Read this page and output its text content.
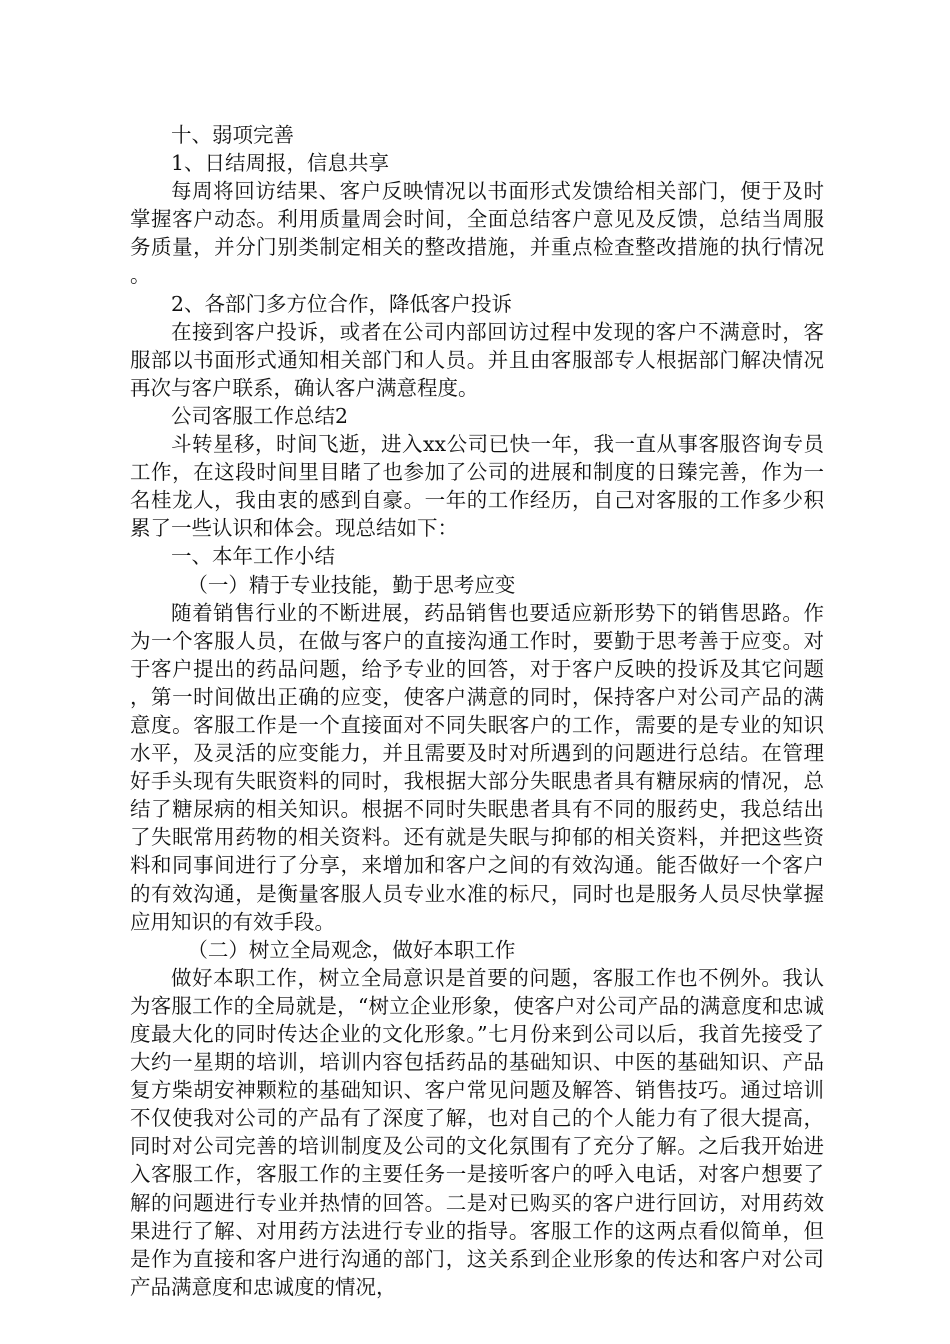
十、弱项完善
1、日结周报，信息共享

每周将回访结果、客户反映情况以书面形式发馈给相关部门，便于及时掌握客户动态。利用质量周会时间，全面总结客户意见及反馈，总结当周服务质量，并分门别类制定相关的整改措施，并重点检查整改措施的执行情况。

2、各部门多方位合作，降低客户投诉

在接到客户投诉，或者在公司内部回访过程中发现的客户不满意时，客服部以书面形式通知相关部门和人员。并且由客服部专人根据部门解决情况再次与客户联系，确认客户满意程度。

公司客服工作总结2

斗转星移，时间飞逝，进入xx公司已快一年，我一直从事客服咨询专员工作，在这段时间里目睹了也参加了公司的进展和制度的日臻完善，作为一名桂龙人，我由衷的感到自豪。一年的工作经历，自己对客服的工作多少积累了一些认识和体会。现总结如下：

一、本年工作小结
（一）精于专业技能，勤于思考应变

随着销售行业的不断进展，药品销售也要适应新形势下的销售思路。作为一个客服人员，在做与客户的直接沟通工作时，要勤于思考善于应变。对于客户提出的药品问题，给予专业的回答，对于客户反映的投诉及其它问题，第一时间做出正确的应变，使客户满意的同时，保持客户对公司产品的满意度。客服工作是一个直接面对不同失眠客户的工作，需要的是专业的知识水平，及灵活的应变能力，并且需要及时对所遇到的问题进行总结。在管理好手头现有失眠资料的同时，我根据大部分失眠患者具有糖尿病的情况，总结了糖尿病的相关知识。根据不同时失眠患者具有不同的服药史，我总结出了失眠常用药物的相关资料。还有就是失眠与抑郁的相关资料，并把这些资料和同事间进行了分享，来增加和客户之间的有效沟通。能否做好一个客户的有效沟通，是衡量客服人员专业水准的标尺，同时也是服务人员尽快掌握应用知识的有效手段。

（二）树立全局观念，做好本职工作

做好本职工作，树立全局意识是首要的问题，客服工作也不例外。我认为客服工作的全局就是，“树立企业形象，使客户对公司产品的满意度和忠诚度最大化的同时传达企业的文化形象。”七月份来到公司以后，我首先接受了大约一星期的培训，培训内容包括药品的基础知识、中医的基础知识、产品复方柴胡安神颗粒的基础知识、客户常见问题及解答、销售技巧。通过培训不仅使我对公司的产品有了深度了解，也对自己的个人能力有了很大提高，同时对公司完善的培训制度及公司的文化氛围有了充分了解。之后我开始进入客服工作，客服工作的主要任务一是接听客户的呼入电话，对客户想要了解的问题进行专业并热情的回答。二是对已购买的客户进行回访，对用药效果进行了解、对用药方法进行专业的指导。客服工作的这两点看似简单，但是作为直接和客户进行沟通的部门，这关系到企业形象的传达和客户对公司产品满意度和忠诚度的情况，
